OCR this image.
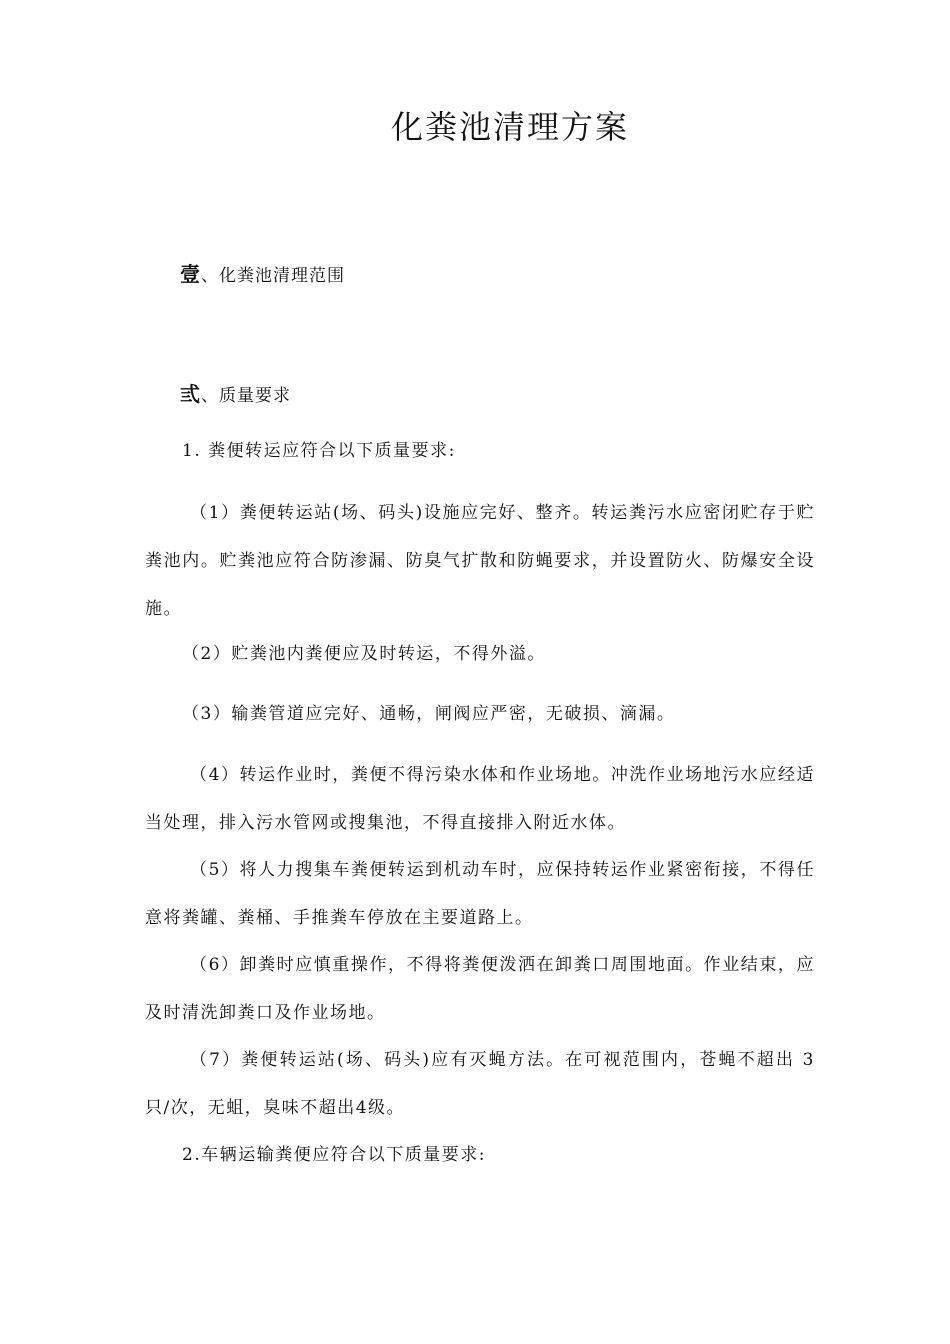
化粪池清理方案
壹、化粪池清理范围
弎、质量要求
1. 粪便转运应符合以下质量要求:
（1）粪便转运站(场、码头)设施应完好、整齐。转运粪污水应密闭贮存于贮粪池内。贮粪池应符合防渗漏、防臭气扩散和防蝇要求，并设置防火、防爆安全设施。
（2）贮粪池内粪便应及时转运，不得外溢。
（3）输粪管道应完好、通畅，闸阀应严密，无破损、滴漏。
（4）转运作业时，粪便不得污染水体和作业场地。冲洗作业场地污水应经适当处理，排入污水管网或搜集池，不得直接排入附近水体。
（5）将人力搜集车粪便转运到机动车时，应保持转运作业紧密衔接，不得任意将粪罐、粪桶、手推粪车停放在主要道路上。
（6）卸粪时应慎重操作，不得将粪便泼洒在卸粪口周围地面。作业结束，应及时清洗卸粪口及作业场地。
（7）粪便转运站(场、码头)应有灭蝇方法。在可视范围内，苍蝇不超出 3只/次，无蛆，臭味不超出4级。
2.车辆运输粪便应符合以下质量要求:
